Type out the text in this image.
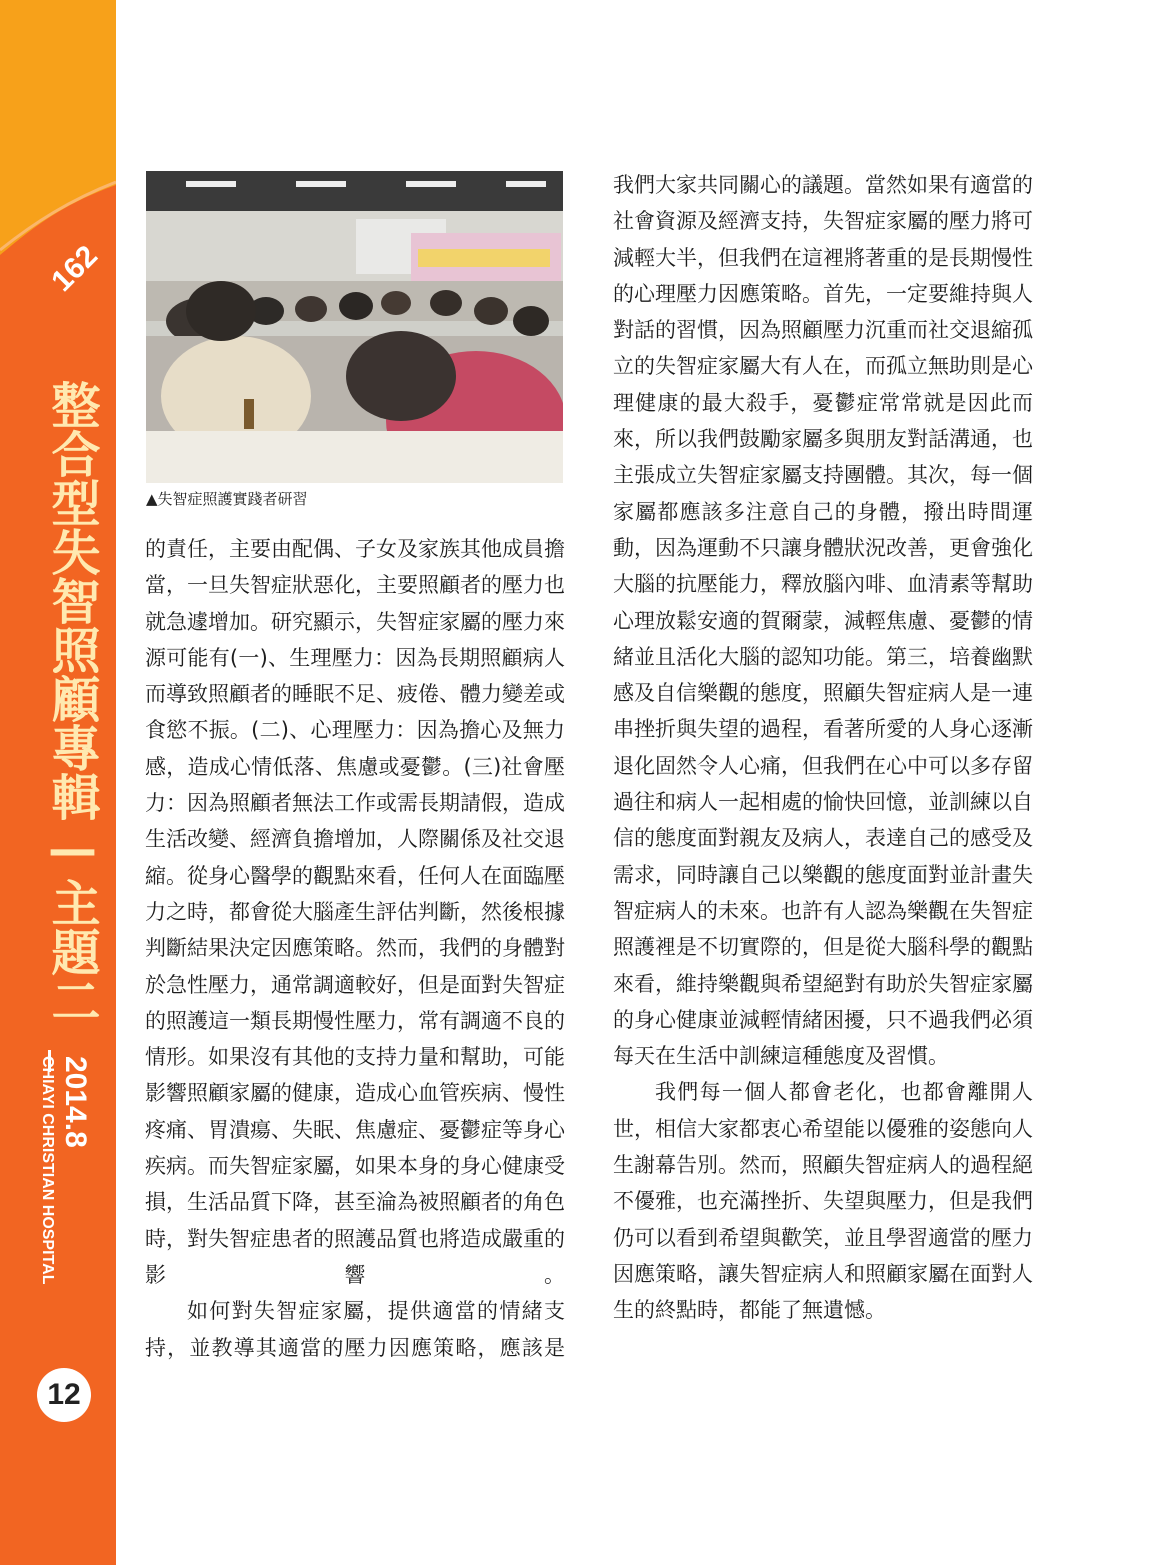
162
整合型失智照顧專輯—主題二
2014.8
CHIAYI CHRISTIAN HOSPITAL
12
▲失智症照護實踐者研習

的責任，主要由配偶、子女及家族其他成員擔當，一旦失智症狀惡化，主要照顧者的壓力也就急遽增加。研究顯示，失智症家屬的壓力來源可能有(一)、生理壓力：因為長期照顧病人而導致照顧者的睡眠不足、疲倦、體力變差或食慾不振。(二)、心理壓力：因為擔心及無力感，造成心情低落、焦慮或憂鬱。(三)社會壓力：因為照顧者無法工作或需長期請假，造成生活改變、經濟負擔增加，人際關係及社交退縮。從身心醫學的觀點來看，任何人在面臨壓力之時，都會從大腦產生評估判斷，然後根據判斷結果決定因應策略。然而，我們的身體對於急性壓力，通常調適較好，但是面對失智症的照護這一類長期慢性壓力，常有調適不良的情形。如果沒有其他的支持力量和幫助，可能影響照顧家屬的健康，造成心血管疾病、慢性疼痛、胃潰瘍、失眠、焦慮症、憂鬱症等身心疾病。而失智症家屬，如果本身的身心健康受損，生活品質下降，甚至淪為被照顧者的角色時，對失智症患者的照護品質也將造成嚴重的影響。

如何對失智症家屬，提供適當的情緒支持，並教導其適當的壓力因應策略，應該是

我們大家共同關心的議題。當然如果有適當的社會資源及經濟支持，失智症家屬的壓力將可減輕大半，但我們在這裡將著重的是長期慢性的心理壓力因應策略。首先，一定要維持與人對話的習慣，因為照顧壓力沉重而社交退縮孤立的失智症家屬大有人在，而孤立無助則是心理健康的最大殺手，憂鬱症常常就是因此而來，所以我們鼓勵家屬多與朋友對話溝通，也主張成立失智症家屬支持團體。其次，每一個家屬都應該多注意自己的身體，撥出時間運動，因為運動不只讓身體狀況改善，更會強化大腦的抗壓能力，釋放腦內啡、血清素等幫助心理放鬆安適的賀爾蒙，減輕焦慮、憂鬱的情緒並且活化大腦的認知功能。第三，培養幽默感及自信樂觀的態度，照顧失智症病人是一連串挫折與失望的過程，看著所愛的人身心逐漸退化固然令人心痛，但我們在心中可以多存留過往和病人一起相處的愉快回憶，並訓練以自信的態度面對親友及病人，表達自己的感受及需求，同時讓自己以樂觀的態度面對並計畫失智症病人的未來。也許有人認為樂觀在失智症照護裡是不切實際的，但是從大腦科學的觀點來看，維持樂觀與希望絕對有助於失智症家屬的身心健康並減輕情緒困擾，只不過我們必須每天在生活中訓練這種態度及習慣。

我們每一個人都會老化，也都會離開人世，相信大家都衷心希望能以優雅的姿態向人生謝幕告別。然而，照顧失智症病人的過程絕不優雅，也充滿挫折、失望與壓力，但是我們仍可以看到希望與歡笑，並且學習適當的壓力因應策略，讓失智症病人和照顧家屬在面對人生的終點時，都能了無遺憾。
